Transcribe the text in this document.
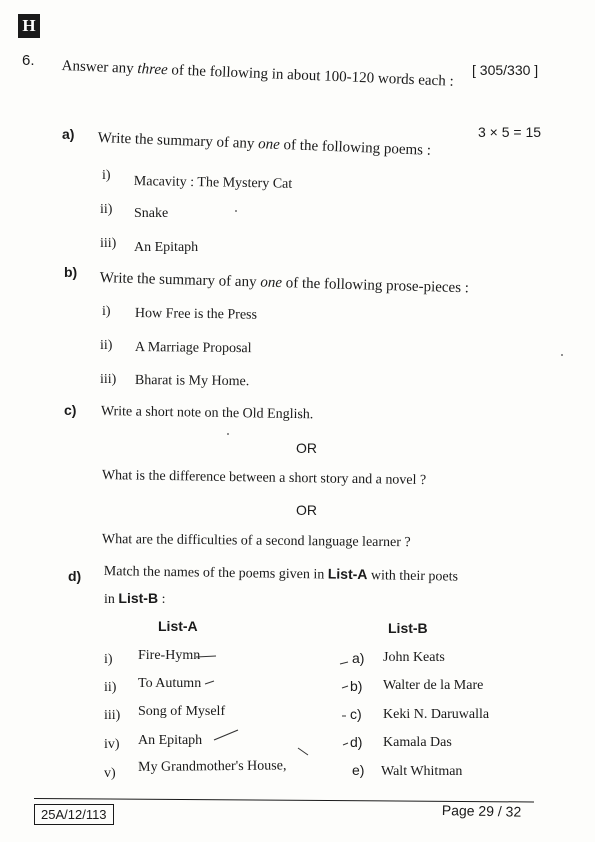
H
6.
[ 305/330 ]
Answer any three of the following in about 100-120 words each :
3 × 5 = 15
a) Write the summary of any one of the following poems :
i) Macavity : The Mystery Cat
ii) Snake
iii) An Epitaph
b) Write the summary of any one of the following prose-pieces :
i) How Free is the Press
ii) A Marriage Proposal
iii) Bharat is My Home.
c) Write a short note on the Old English.
OR
What is the difference between a short story and a novel ?
OR
What are the difficulties of a second language learner ?
d) Match the names of the poems given in List-A with their poets
in List-B :
List-A	List-B
i) Fire-Hymn
ii) To Autumn
iii) Song of Myself
iv) An Epitaph
v) My Grandmother's House,
a) John Keats
b) Walter de la Mare
c) Keki N. Daruwalla
d) Kamala Das
e) Walt Whitman
25A/12/113	Page 29 / 32
